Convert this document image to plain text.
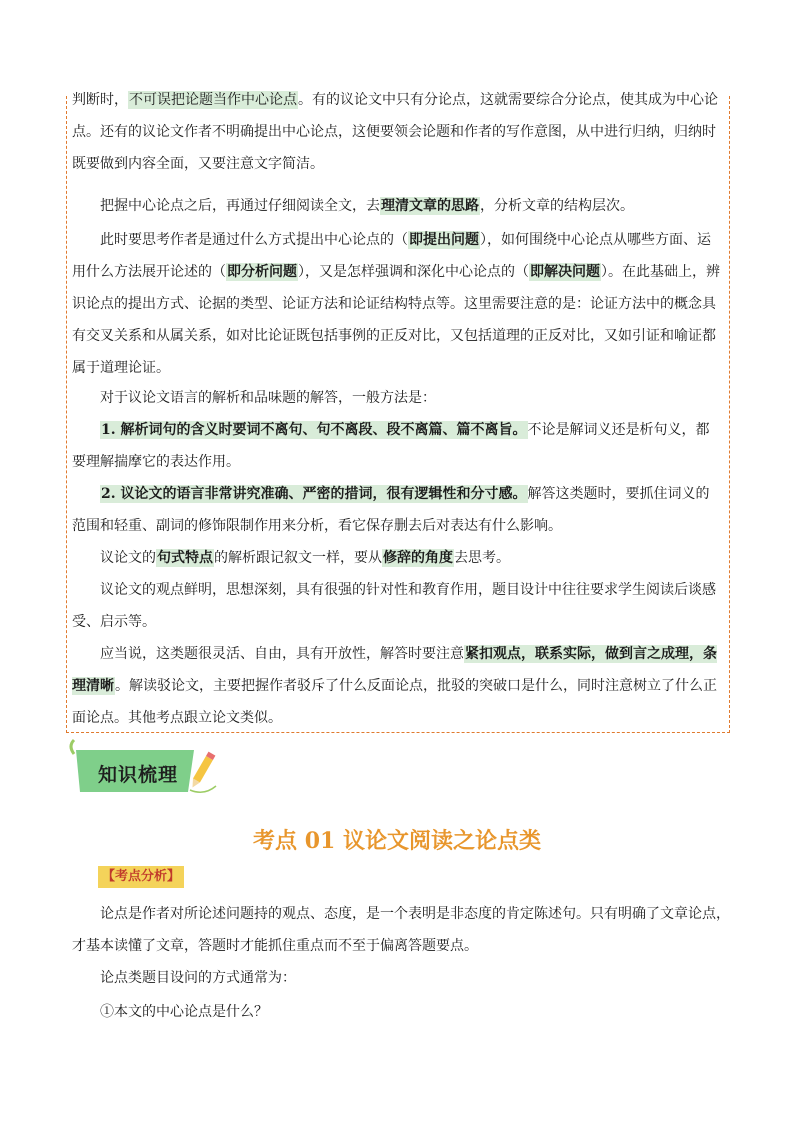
判断时，不可误把论题当作中心论点。有的议论文中只有分论点，这就需要综合分论点，使其成为中心论点。还有的议论文作者不明确提出中心论点，这便要领会论题和作者的写作意图，从中进行归纳，归纳时既要做到内容全面，又要注意文字简洁。

把握中心论点之后，再通过仔细阅读全文，去理清文章的思路，分析文章的结构层次。

此时要思考作者是通过什么方式提出中心论点的（即提出问题），如何围绕中心论点从哪些方面、运用什么方法展开论述的（即分析问题），又是怎样强调和深化中心论点的（即解决问题）。在此基础上，辨识论点的提出方式、论据的类型、论证方法和论证结构特点等。这里需要注意的是：论证方法中的概念具有交叉关系和从属关系，如对比论证既包括事例的正反对比，又包括道理的正反对比，又如引证和喻证都属于道理论证。

对于议论文语言的解析和品味题的解答，一般方法是：

1. 解析词句的含义时要词不离句、句不离段、段不离篇、篇不离旨。不论是解词义还是析句义，都要理解揣摩它的表达作用。

2. 议论文的语言非常讲究准确、严密的措词，很有逻辑性和分寸感。解答这类题时，要抓住词义的范围和轻重、副词的修饰限制作用来分析，看它保存删去后对表达有什么影响。

议论文的句式特点的解析跟记叙文一样，要从修辞的角度去思考。

议论文的观点鲜明，思想深刻，具有很强的针对性和教育作用，题目设计中往往要求学生阅读后谈感受、启示等。

应当说，这类题很灵活、自由，具有开放性，解答时要注意紧扣观点，联系实际，做到言之成理，条理清晰。解读驳论文，主要把握作者驳斥了什么反面论点，批驳的突破口是什么，同时注意树立了什么正面论点。其他考点跟立论文类似。

知识梳理
考点 01 议论文阅读之论点类
【考点分析】

论点是作者对所论述问题持的观点、态度，是一个表明是非态度的肯定陈述句。只有明确了文章论点，才基本读懂了文章，答题时才能抓住重点而不至于偏离答题要点。

论点类题目设问的方式通常为：

①本文的中心论点是什么？
